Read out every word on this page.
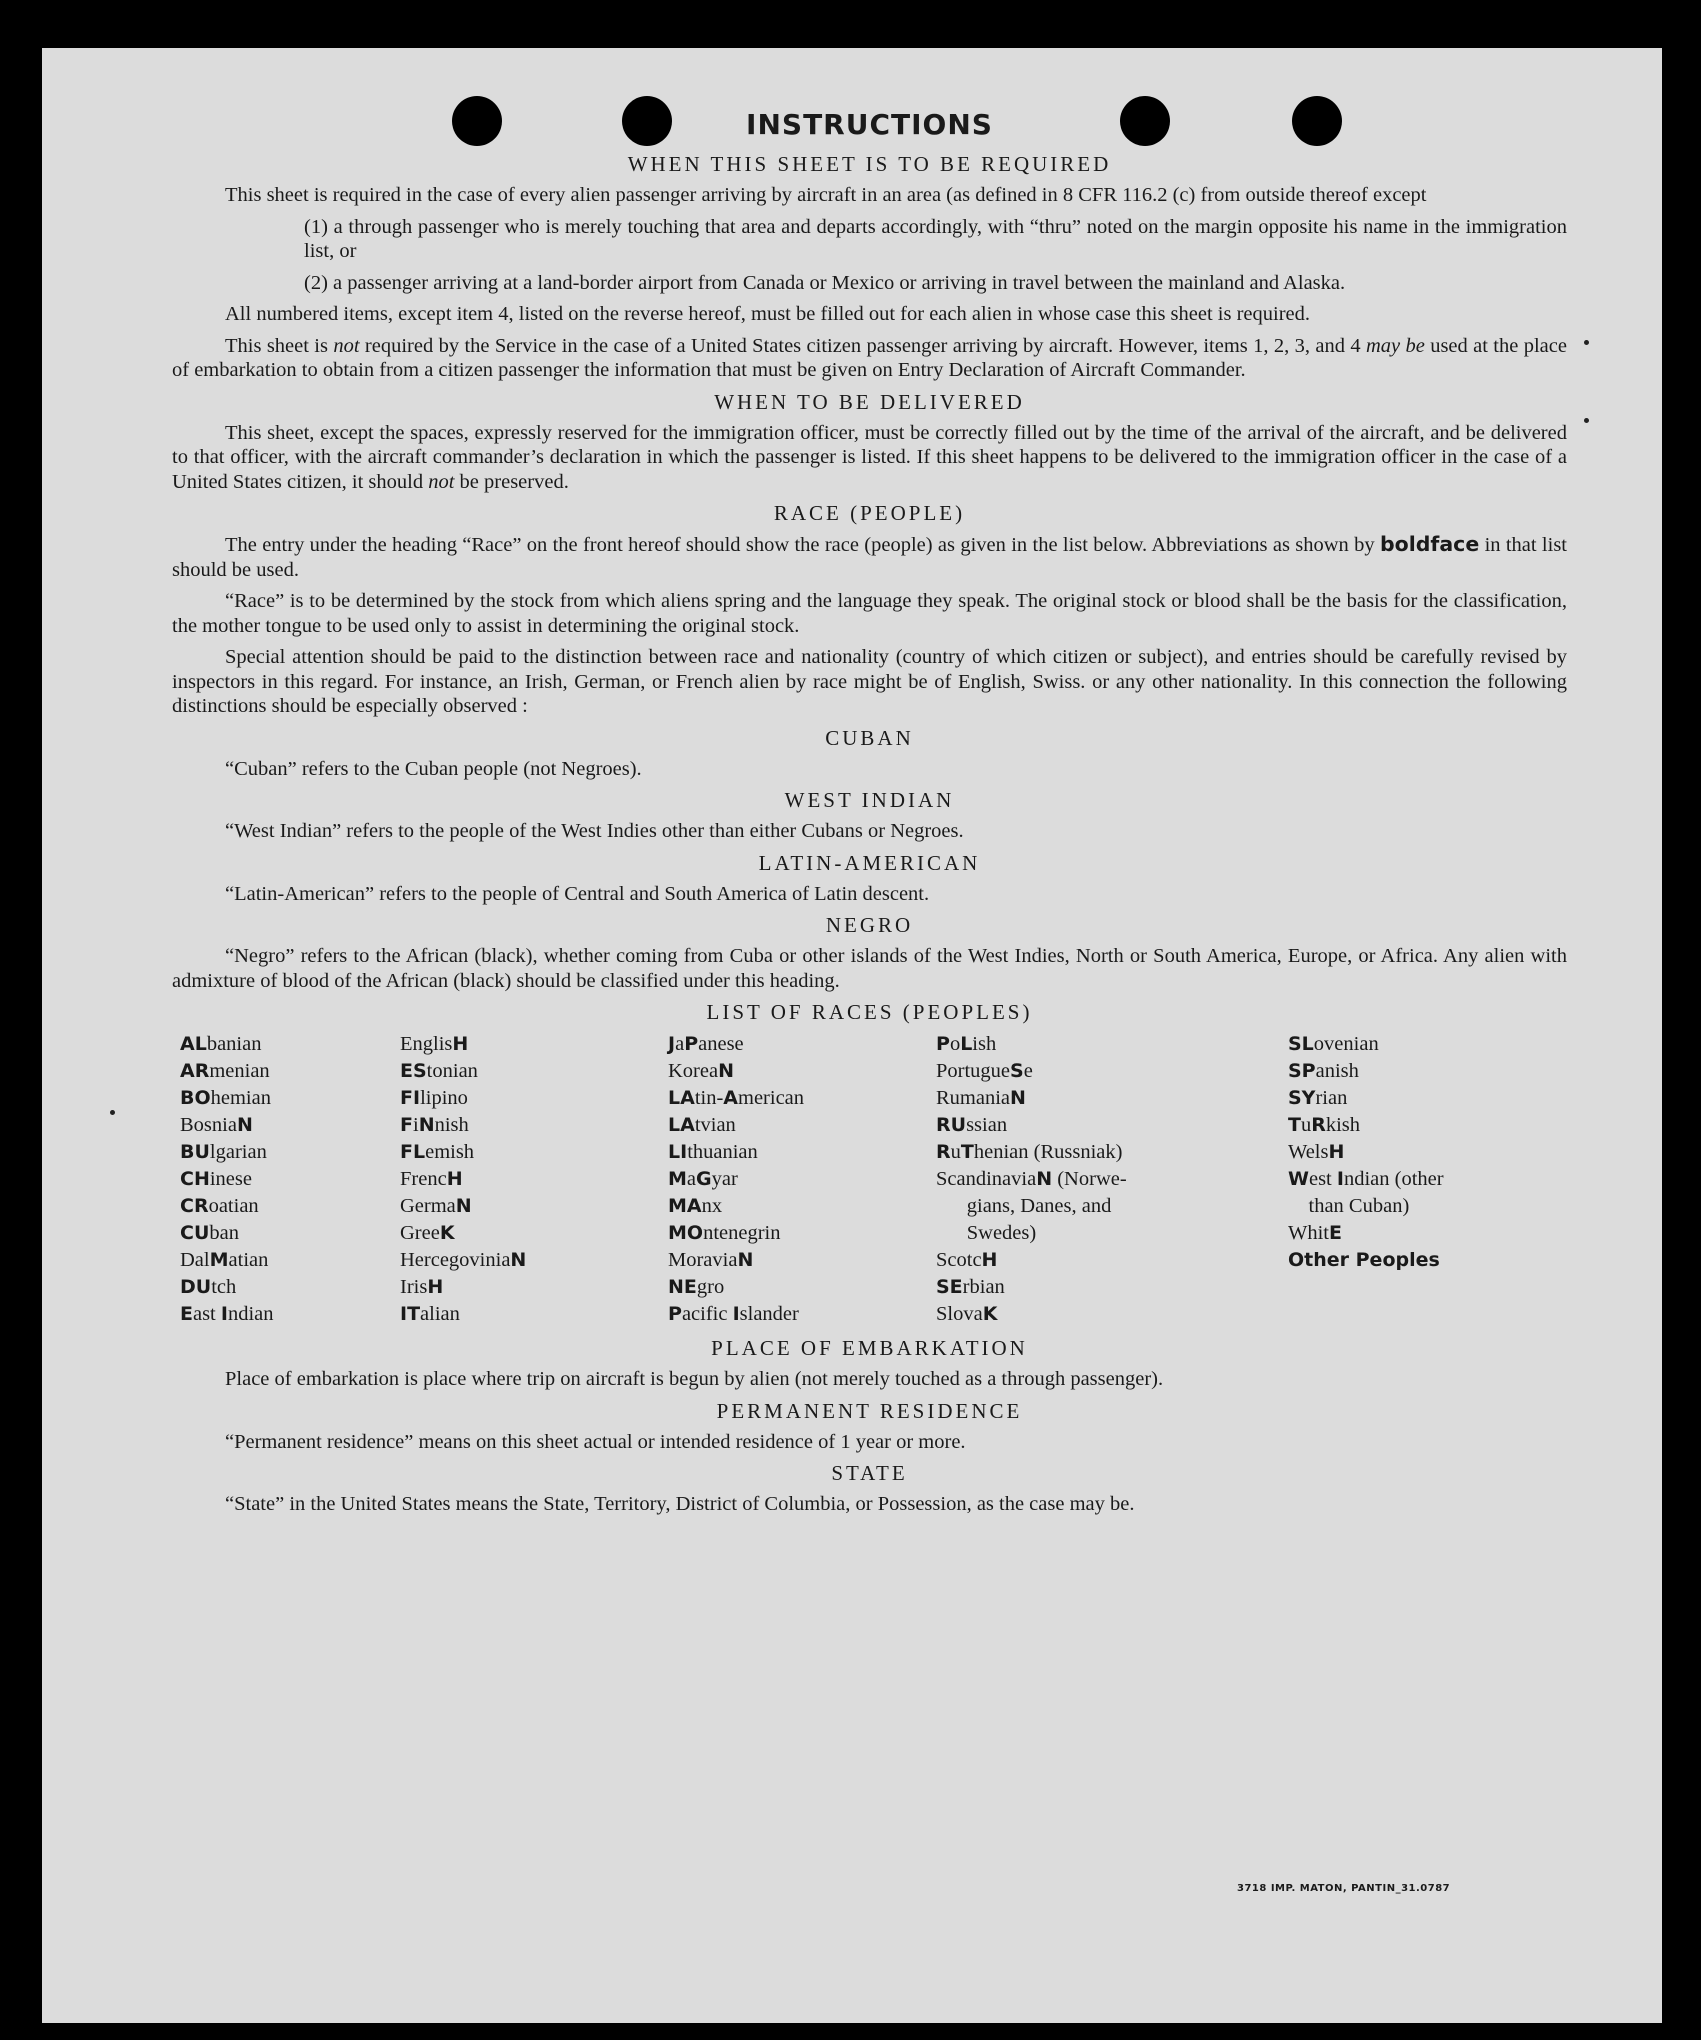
INSTRUCTIONS
WHEN THIS SHEET IS TO BE REQUIRED

This sheet is required in the case of every alien passenger arriving by aircraft in an area (as defined in 8 CFR 116.2 (c) from outside thereof except

(1) a through passenger who is merely touching that area and departs accordingly, with “thru” noted on the margin opposite his name in the immigration list, or

(2) a passenger arriving at a land-border airport from Canada or Mexico or arriving in travel between the mainland and Alaska.

All numbered items, except item 4, listed on the reverse hereof, must be filled out for each alien in whose case this sheet is required.

This sheet is not required by the Service in the case of a United States citizen passenger arriving by aircraft. However, items 1, 2, 3, and 4 may be used at the place of embarkation to obtain from a citizen passenger the information that must be given on Entry Declaration of Aircraft Commander.

WHEN TO BE DELIVERED

This sheet, except the spaces, expressly reserved for the immigration officer, must be correctly filled out by the time of the arrival of the aircraft, and be delivered to that officer, with the aircraft commander’s declaration in which the passenger is listed. If this sheet happens to be delivered to the immigration officer in the case of a United States citizen, it should not be preserved.

RACE (PEOPLE)

The entry under the heading “Race” on the front hereof should show the race (people) as given in the list below. Abbreviations as shown by boldface in that list should be used.

“Race” is to be determined by the stock from which aliens spring and the language they speak. The original stock or blood shall be the basis for the classification, the mother tongue to be used only to assist in determining the original stock.

Special attention should be paid to the distinction between race and nationality (country of which citizen or subject), and entries should be carefully revised by inspectors in this regard. For instance, an Irish, German, or French alien by race might be of English, Swiss. or any other nationality. In this connection the following distinctions should be especially observed :

CUBAN

“Cuban” refers to the Cuban people (not Negroes).

WEST INDIAN

“West Indian” refers to the people of the West Indies other than either Cubans or Negroes.

LATIN-AMERICAN

“Latin-American” refers to the people of Central and South America of Latin descent.

NEGRO

“Negro” refers to the African (black), whether coming from Cuba or other islands of the West Indies, North or South America, Europe, or Africa. Any alien with admixture of blood of the African (black) should be classified under this heading.

LIST OF RACES (PEOPLES)
ALbanian
ARmenian
BOhemian
BosniaN
BUlgarian
CHinese
CRoatian
CUban
DalMatian
DUtch
East Indian
EnglisH
EStonian
FIlipino
FiNnish
FLemish
FrencH
GermaN
GreeK
HercegoviniaN
IrisH
ITalian
JaPanese
KoreaN
LAtin-American
LAtvian
LIthuanian
MaGyar
MAnx
MOntenegrin
MoraviaN
NEgro
Pacific Islander
PoLish
PortugueSe
RumaniaN
RUssian
RuThenian (Russniak)
ScandinaviaN (Norwe-
gians, Danes, and
Swedes)
ScotcH
SErbian
SlovaK
SLovenian
SPanish
SYrian
TuRkish
WelsH
West Indian (other
than Cuban)
WhitE
Other Peoples
PLACE OF EMBARKATION

Place of embarkation is place where trip on aircraft is begun by alien (not merely touched as a through passenger).

PERMANENT RESIDENCE

“Permanent residence” means on this sheet actual or intended residence of 1 year or more.

STATE

“State” in the United States means the State, Territory, District of Columbia, or Possession, as the case may be.

3718 IMP. MATON, PANTIN_31.0787
